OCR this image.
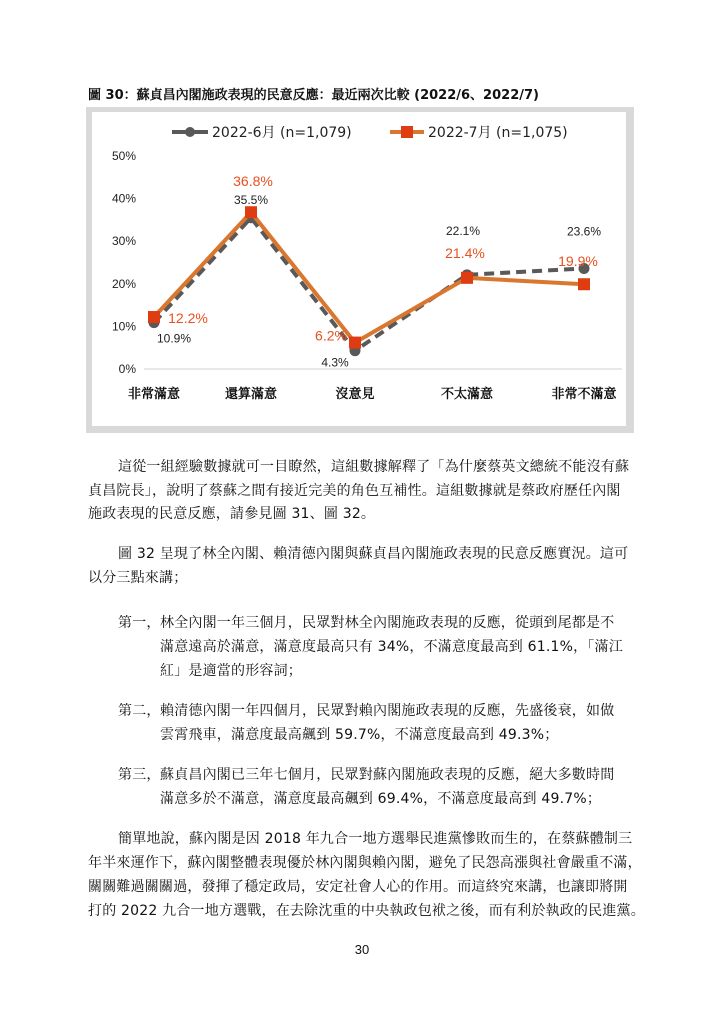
圖 30：蘇貞昌內閣施政表現的民意反應：最近兩次比較 (2022/6、2022/7)
0%
10%
20%
30%
40%
50%
非常滿意	還算滿意	沒意見	不太滿意	非常不滿意
2022-6月 (n=1,079)	2022-7月 (n=1,075)
10.9%
35.5%
4.3%
22.1%	23.6%
12.2%
36.8%
6.2%
21.4%
19.9%
這從一組經驗數據就可一目瞭然，這組數據解釋了「為什麼蔡英文總統不能沒有蘇
貞昌院長」，說明了蔡蘇之間有接近完美的角色互補性。這組數據就是蔡政府歷任內閣
施政表現的民意反應，請參見圖 31、圖 32。
圖 32 呈現了林全內閣、賴清德內閣與蘇貞昌內閣施政表現的民意反應實況。這可
以分三點來講；
第一， 林全內閣一年三個月，民眾對林全內閣施政表現的反應，從頭到尾都是不
滿意遠高於滿意，滿意度最高只有 34%，不滿意度最高到 61.1%，「滿江
紅」是適當的形容詞；
第二， 賴清德內閣一年四個月，民眾對賴內閣施政表現的反應，先盛後衰，如做
雲霄飛車，滿意度最高飆到 59.7%，不滿意度最高到 49.3%；
第三， 蘇貞昌內閣已三年七個月，民眾對蘇內閣施政表現的反應，絕大多數時間
滿意多於不滿意，滿意度最高飆到 69.4%，不滿意度最高到 49.7%；
簡單地說，蘇內閣是因 2018 年九合一地方選舉民進黨慘敗而生的，在蔡蘇體制三
年半來運作下，蘇內閣整體表現優於林內閣與賴內閣，避免了民怨高漲與社會嚴重不滿，
關關難過關關過，發揮了穩定政局，安定社會人心的作用。而這終究來講，也讓即將開
打的 2022 九合一地方選戰，在去除沈重的中央執政包袱之後，而有利於執政的民進黨。
30
